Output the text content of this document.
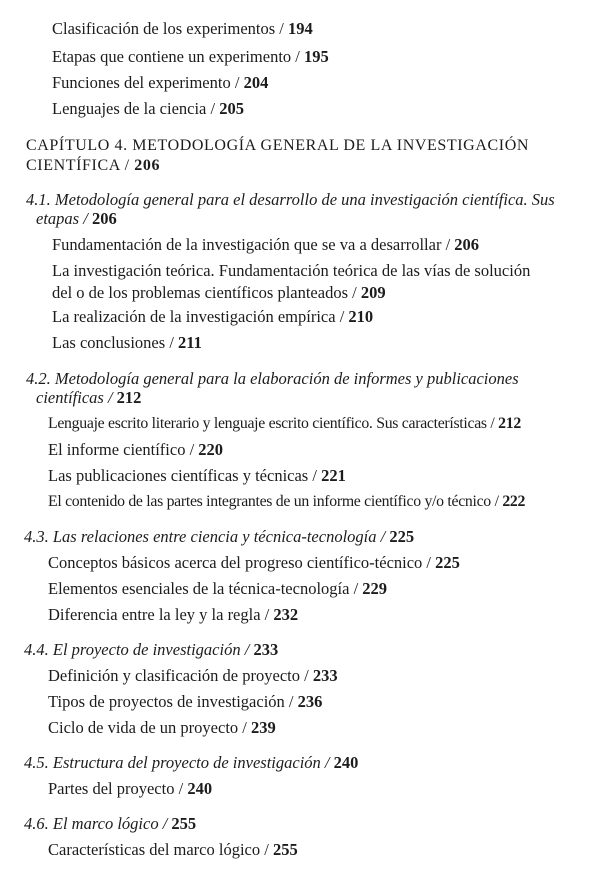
Clasificación de los experimentos / 194
Etapas que contiene un experimento / 195
Funciones del experimento / 204
Lenguajes de la ciencia / 205
CAPÍTULO 4. METODOLOGÍA GENERAL DE LA INVESTIGACIÓN
CIENTÍFICA / 206
4.1. Metodología general para el desarrollo de una investigación científica. Sus
etapas / 206
Fundamentación de la investigación que se va a desarrollar / 206
La investigación teórica. Fundamentación teórica de las vías de solución
del o de los problemas científicos planteados / 209
La realización de la investigación empírica / 210
Las conclusiones / 211
4.2. Metodología general para la elaboración de informes y publicaciones
científicas / 212
Lenguaje escrito literario y lenguaje escrito científico. Sus características / 212
El informe científico / 220
Las publicaciones científicas y técnicas / 221
El contenido de las partes integrantes de un informe científico y/o técnico / 222
4.3. Las relaciones entre ciencia y técnica-tecnología / 225
Conceptos básicos acerca del progreso científico-técnico / 225
Elementos esenciales de la técnica-tecnología / 229
Diferencia entre la ley y la regla / 232
4.4. El proyecto de investigación / 233
Definición y clasificación de proyecto / 233
Tipos de proyectos de investigación / 236
Ciclo de vida de un proyecto / 239
4.5. Estructura del proyecto de investigación / 240
Partes del proyecto / 240
4.6. El marco lógico / 255
Características del marco lógico / 255
